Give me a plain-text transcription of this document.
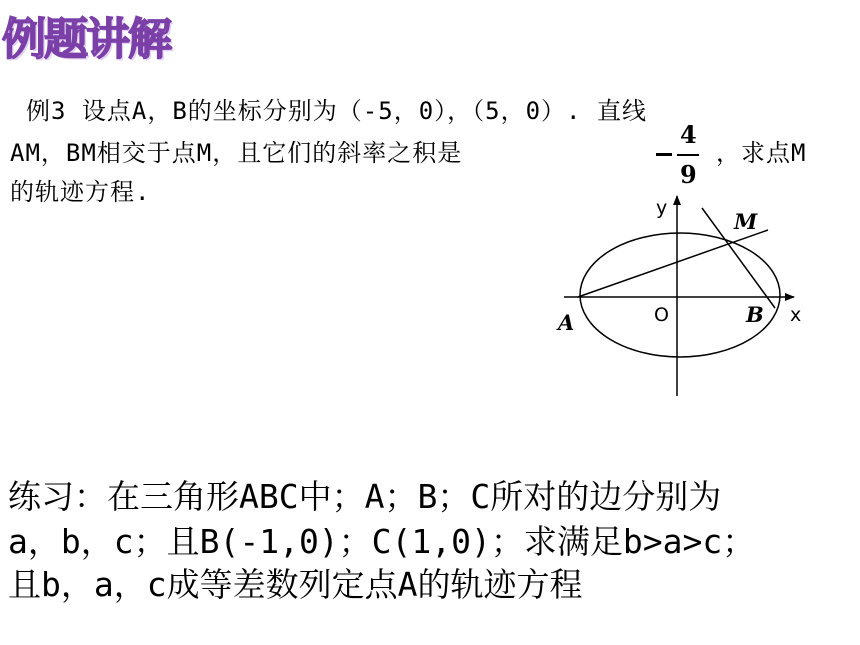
例题讲解
例3 设点A，B的坐标分别为（-5，0），（5，0）. 直线
AM，BM相交于点M，且它们的斜率之积是	，求点M
的轨迹方程.
4
9
y
x
O
A	B
M
练习：在三角形ABC中；A；B；C所对的边分别为
a，b，c；且B(-1,0)；C(1,0)；求满足b>a>c；
且b，a，c成等差数列定点A的轨迹方程
